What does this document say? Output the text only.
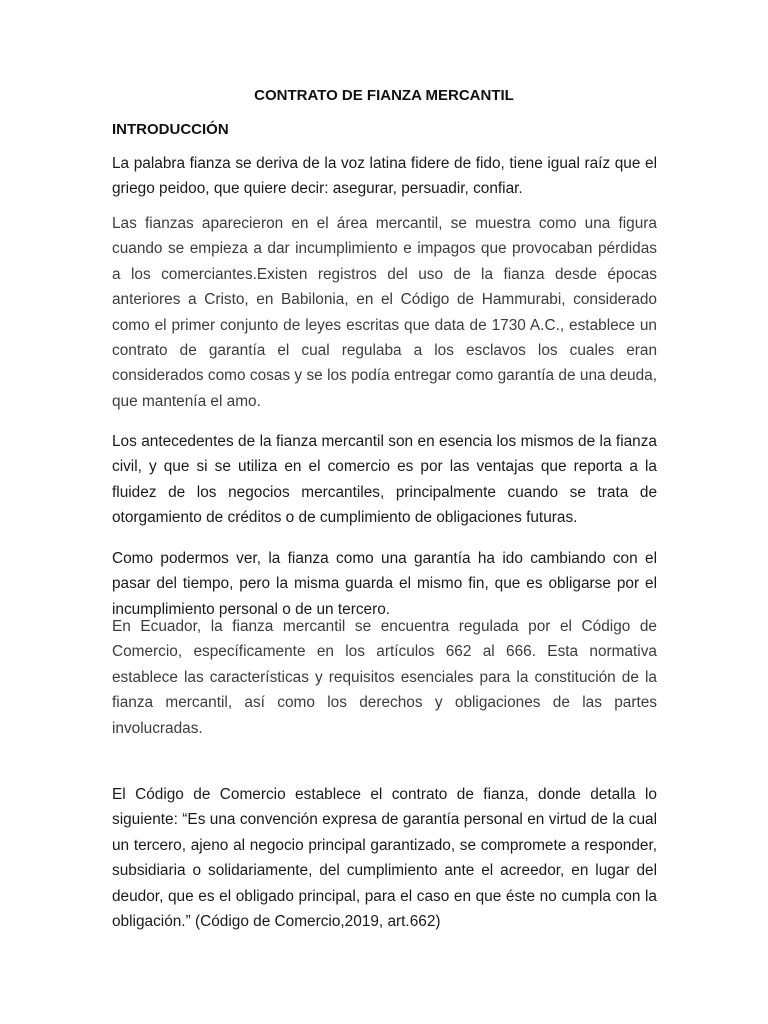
CONTRATO DE FIANZA MERCANTIL
INTRODUCCIÓN

La palabra fianza se deriva de la voz latina fidere de fido, tiene igual raíz que el griego peidoo, que quiere decir: asegurar, persuadir, confiar.

Las fianzas aparecieron en el área mercantil, se muestra como una figura cuando se empieza a dar incumplimiento e impagos que provocaban pérdidas a los comerciantes.Existen registros del uso de la fianza desde épocas anteriores a Cristo, en Babilonia, en el Código de Hammurabi, considerado como el primer conjunto de leyes escritas que data de 1730 A.C., establece un contrato de garantía el cual regulaba a los esclavos los cuales eran considerados como cosas y se los podía entregar como garantía de una deuda, que mantenía el amo.

Los antecedentes de la fianza mercantil son en esencia los mismos de la fianza civil, y que si se utiliza en el comercio es por las ventajas que reporta a la fluidez de los negocios mercantiles, principalmente cuando se trata de otorgamiento de créditos o de cumplimiento de obligaciones futuras.

Como podermos ver, la fianza como una garantía ha ido cambiando con el pasar del tiempo, pero la misma guarda el mismo fin, que es obligarse por el incumplimiento personal o de un tercero.

En Ecuador, la fianza mercantil se encuentra regulada por el Código de Comercio, específicamente en los artículos 662 al 666. Esta normativa establece las características y requisitos esenciales para la constitución de la fianza mercantil, así como los derechos y obligaciones de las partes involucradas.

El Código de Comercio establece el contrato de fianza, donde detalla lo siguiente: “Es una convención expresa de garantía personal en virtud de la cual un tercero, ajeno al negocio principal garantizado, se compromete a responder, subsidiaria o solidariamente, del cumplimiento ante el acreedor, en lugar del deudor, que es el obligado principal, para el caso en que éste no cumpla con la obligación.” (Código de Comercio,2019, art.662)
